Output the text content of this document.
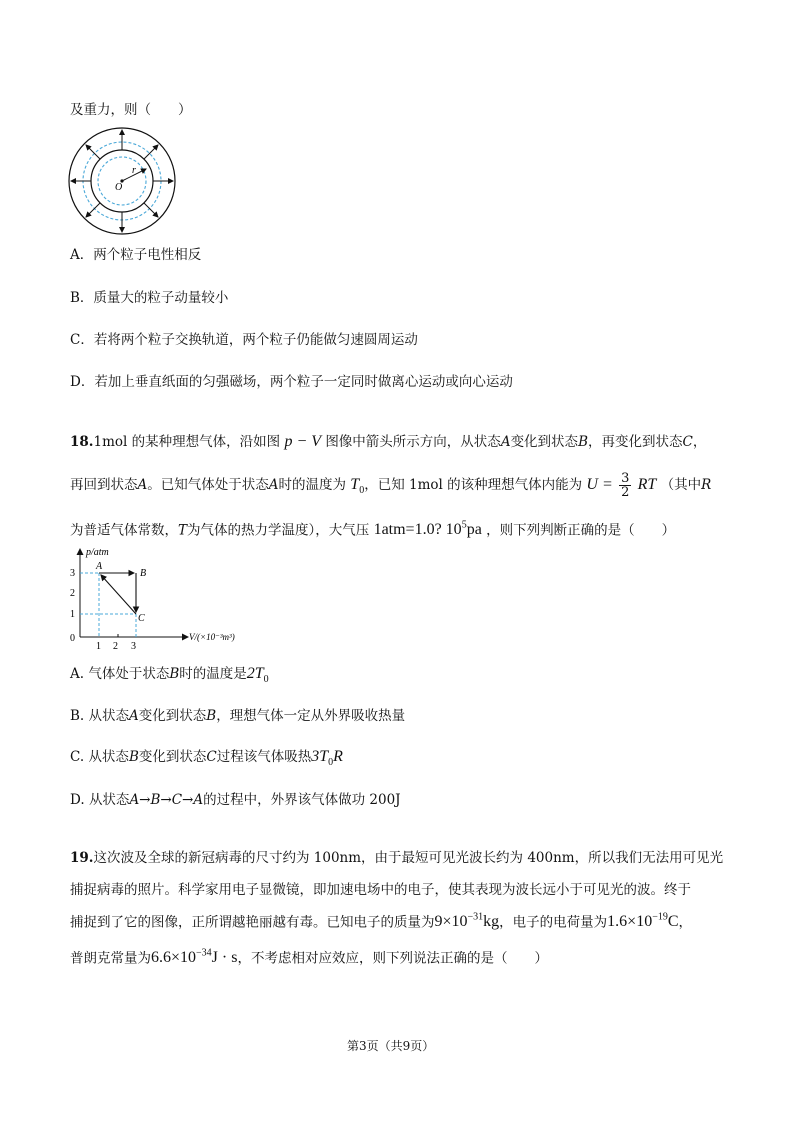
及重力，则（　　）
O
r
A．两个粒子电性相反
B．质量大的粒子动量较小
C．若将两个粒子交换轨道，两个粒子仍能做匀速圆周运动
D．若加上垂直纸面的匀强磁场，两个粒子一定同时做离心运动或向心运动
18.1mol 的某种理想气体，沿如图 p − V 图像中箭头所示方向，从状态A变化到状态B，再变化到状态C，
再回到状态A。已知气体处于状态A时的温度为 $T_0$，已知 1mol 的该种理想气体内能为 $U = \frac{3}{2}$ RT （其中R
为普适气体常数，T为气体的热力学温度），大气压 1atm=1.0? $10^5pa$ ，则下列判断正确的是（　　）
p/atm
V/(×10⁻³m³)
3
2
1
0
1 2 3
A
B
C
A. 气体处于状态B时的温度是$2T_0$
B. 从状态A变化到状态B，理想气体一定从外界吸收热量
C. 从状态B变化到状态C过程该气体吸热$3T_0R$
D. 从状态A→B→C→A的过程中，外界该气体做功 200J
19.这次波及全球的新冠病毒的尺寸约为 100nm，由于最短可见光波长约为 400nm，所以我们无法用可见光
捕捉病毒的照片。科学家用电子显微镜，即加速电场中的电子，使其表现为波长远小于可见光的波。终于
捕捉到了它的图像，正所谓越艳丽越有毒。已知电子的质量为$9\times 10^{-31}kg$，电子的电荷量为$1.6\times 10^{-19}C$，
普朗克常量为$6.6\times 10^{-34}J \cdot s$，不考虑相对应效应，则下列说法正确的是（　　）
第3页（共9页）
